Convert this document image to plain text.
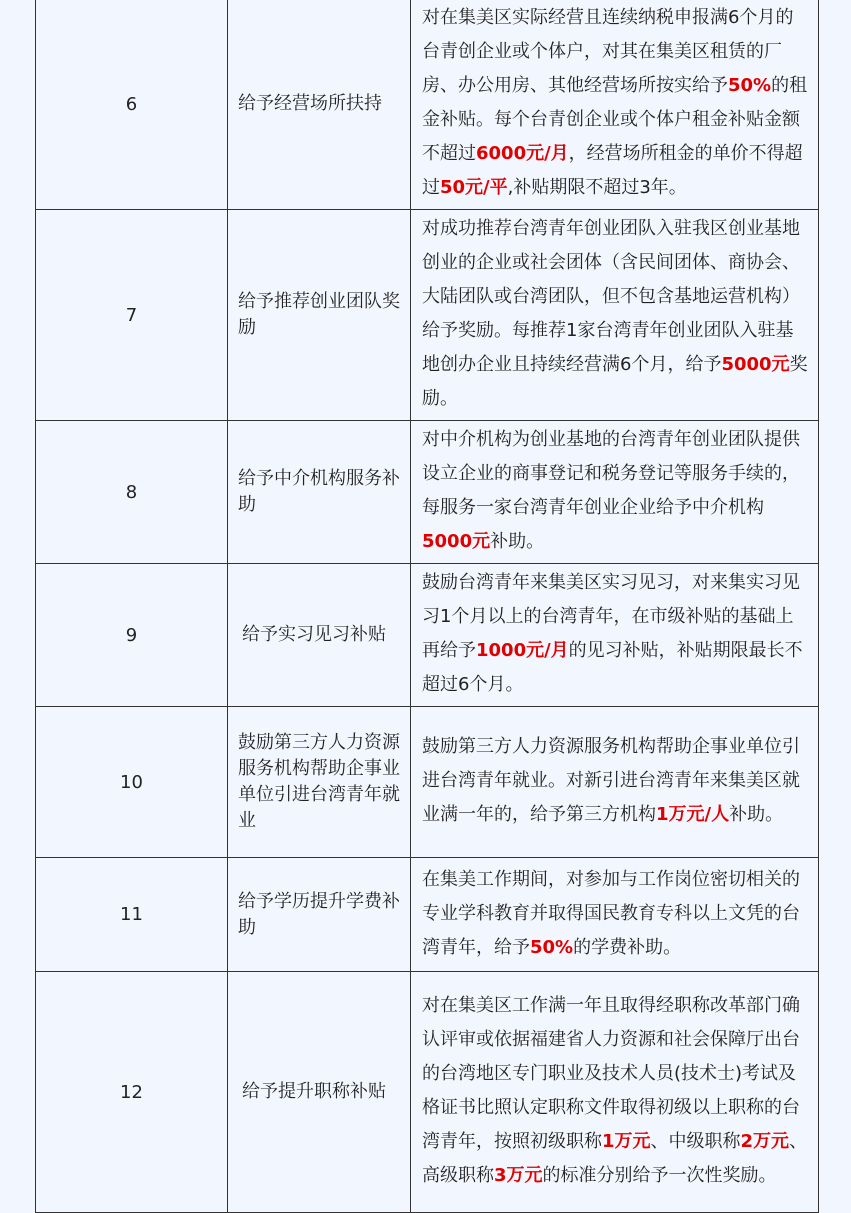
6	给予经营场所扶持	对在集美区实际经营且连续纳税申报满6个月的台青创企业或个体户，对其在集美区租赁的厂房、办公用房、其他经营场所按实给予50%的租金补贴。每个台青创企业或个体户租金补贴金额不超过6000元/月，经营场所租金的单价不得超过50元/平,补贴期限不超过3年。

7	给予推荐创业团队奖励	对成功推荐台湾青年创业团队入驻我区创业基地创业的企业或社会团体（含民间团体、商协会、大陆团队或台湾团队，但不包含基地运营机构）给予奖励。每推荐1家台湾青年创业团队入驻基地创办企业且持续经营满6个月，给予5000元奖励。

8	给予中介机构服务补助	对中介机构为创业基地的台湾青年创业团队提供设立企业的商事登记和税务登记等服务手续的，每服务一家台湾青年创业企业给予中介机构5000元补助。

9	给予实习见习补贴	鼓励台湾青年来集美区实习见习，对来集实习见习1个月以上的台湾青年，在市级补贴的基础上再给予1000元/月的见习补贴，补贴期限最长不超过6个月。

10	鼓励第三方人力资源服务机构帮助企事业单位引进台湾青年就业	鼓励第三方人力资源服务机构帮助企事业单位引进台湾青年就业。对新引进台湾青年来集美区就业满一年的，给予第三方机构1万元/人补助。

11	给予学历提升学费补助	在集美工作期间，对参加与工作岗位密切相关的专业学科教育并取得国民教育专科以上文凭的台湾青年，给予50%的学费补助。

12	给予提升职称补贴	对在集美区工作满一年且取得经职称改革部门确认评审或依据福建省人力资源和社会保障厅出台的台湾地区专门职业及技术人员(技术士)考试及格证书比照认定职称文件取得初级以上职称的台湾青年，按照初级职称1万元、中级职称2万元、高级职称3万元的标准分别给予一次性奖励。
